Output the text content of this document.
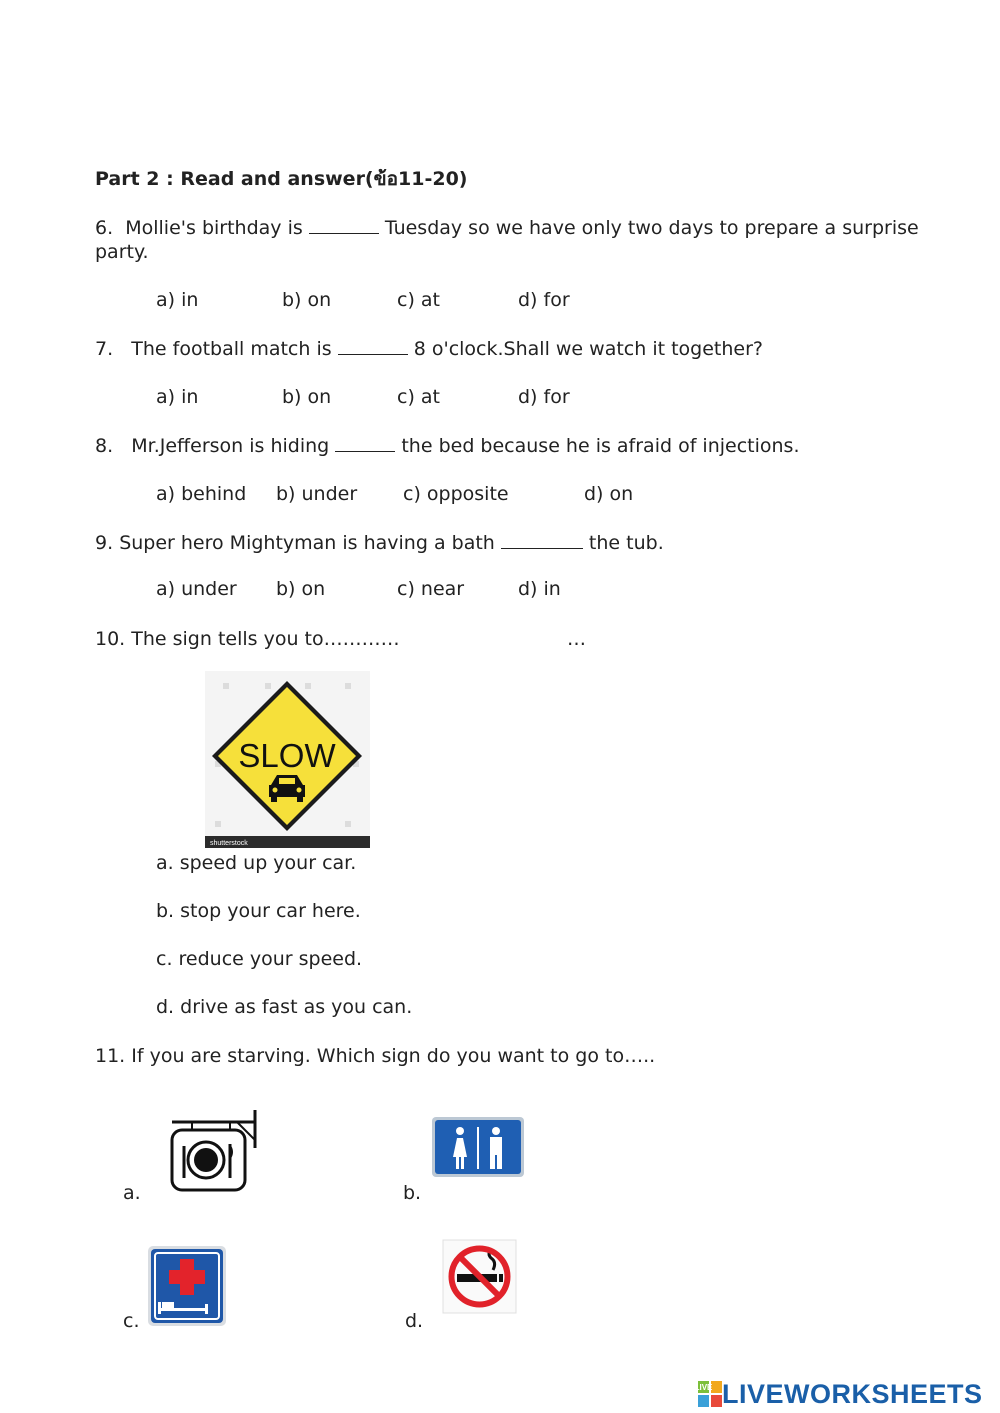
Part 2 : Read and answer(ข้อ11-20)
6. Mollie's birthday is	Tuesday so we have only two days to prepare a surprise party.
a) in	b) on	c) at	d) for
7. The football match is	8 o'clock.Shall we watch it together?
a) in	b) on	c) at	d) for
8. Mr.Jefferson is hiding	the bed because he is afraid of injections.
a) behind b) under c) opposite	d) on
9. Super hero Mightyman is having a bath	the tub.
a) under b) on	c) near	d) in
10. The sign tells you to…………	…
SLOW
shutterstock
a. speed up your car.
b. stop your car here.
c. reduce your speed.
d. drive as fast as you can.
11. If you are starving. Which sign do you want to go to…..
a.	b.
c.	d.
LIVE LIVEWORKSHEETS
